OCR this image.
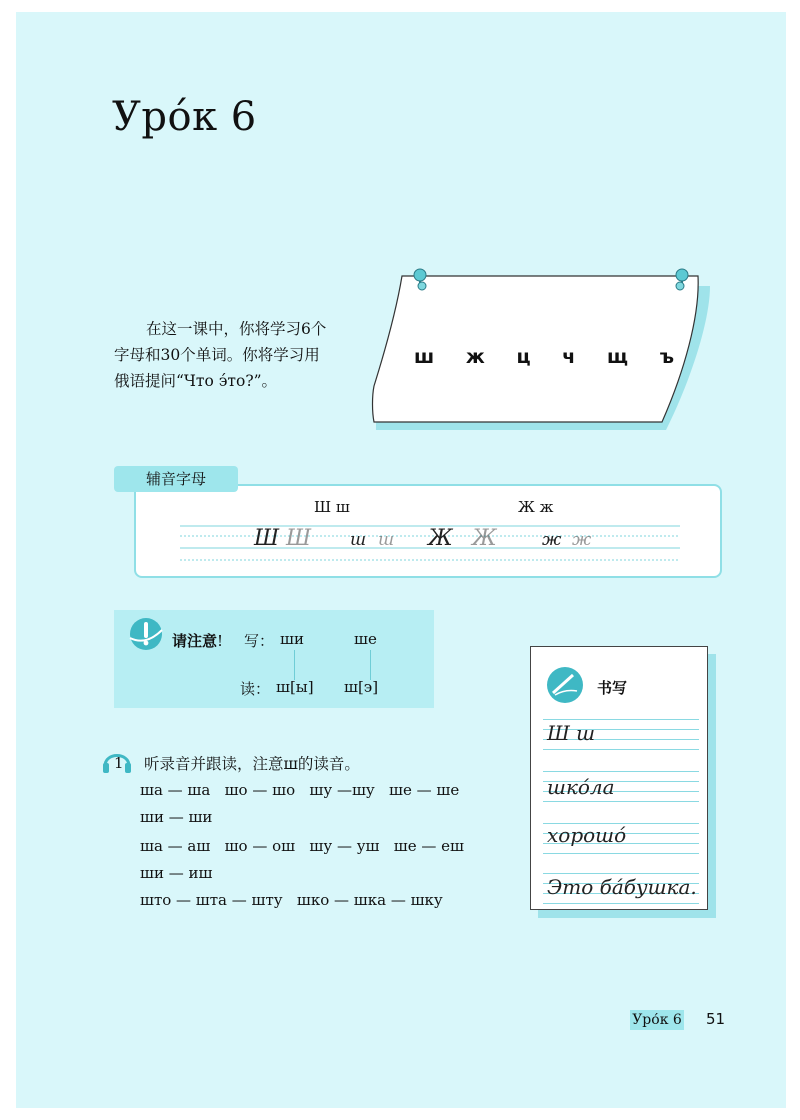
Уро́к 6
在这一课中，你将学习6个
字母和30个单词。你将学习用
俄语提问“Что э́то?”。
ш ж ц ч щ ъ
Ш ш	Ж ж
Ш Ш ш ш Ж Ж	ж ж
辅音字母
请注意! 写： ши	ше
读： ш[ы] ш[э]
1 听录音并跟读，注意ш的读音。
ша — ша   шо — шо   шу —шу   ше — ше
ши — ши
ша — аш   шо — ош   шу — уш   ше — еш
ши — иш
што — шта — шту   шко — шка — шку
书写
Ш ш
шко́ла
хорошо́
Это ба́бушка.
Уро́к 6 51
